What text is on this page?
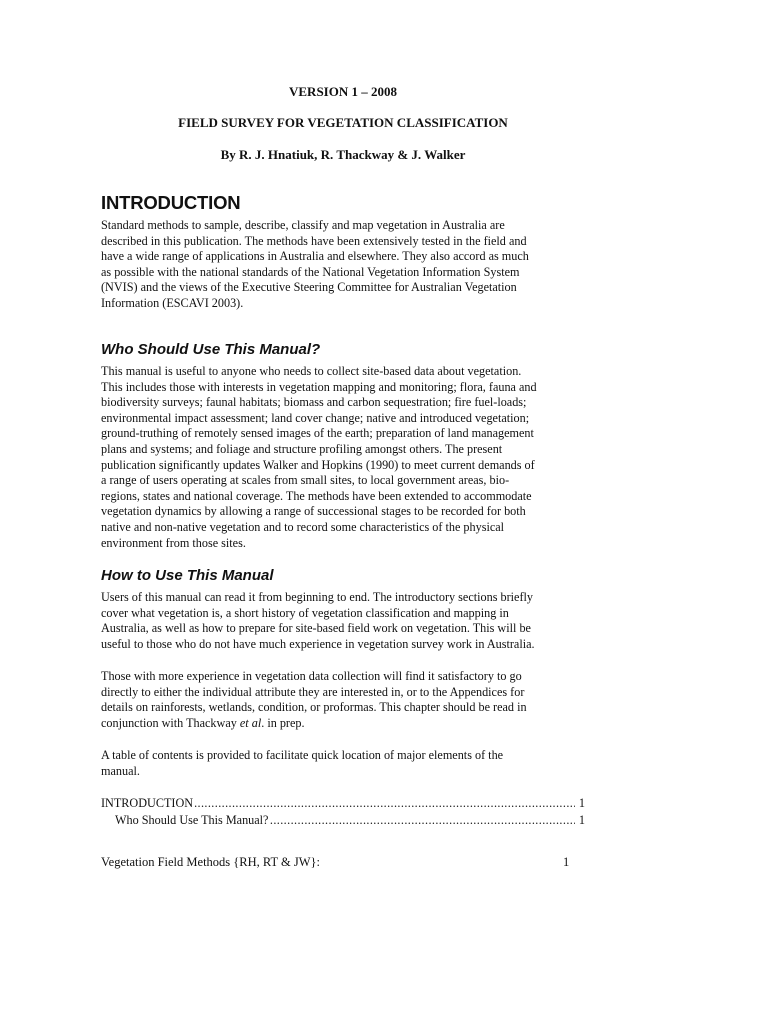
VERSION 1 – 2008
FIELD SURVEY FOR VEGETATION CLASSIFICATION
By R. J. Hnatiuk, R. Thackway & J. Walker
INTRODUCTION
Standard methods to sample, describe, classify and map vegetation in Australia are
described in this publication. The methods have been extensively tested in the field and
have a wide range of applications in Australia and elsewhere. They also accord as much
as possible with the national standards of the National Vegetation Information System
(NVIS) and the views of the Executive Steering Committee for Australian Vegetation
Information (ESCAVI 2003).
Who Should Use This Manual?
This manual is useful to anyone who needs to collect site-based data about vegetation.
This includes those with interests in vegetation mapping and monitoring; flora, fauna and
biodiversity surveys; faunal habitats; biomass and carbon sequestration; fire fuel-loads;
environmental impact assessment; land cover change; native and introduced vegetation;
ground-truthing of remotely sensed images of the earth; preparation of land management
plans and systems; and foliage and structure profiling amongst others. The present
publication significantly updates Walker and Hopkins (1990) to meet current demands of
a range of users operating at scales from small sites, to local government areas, bio-
regions, states and national coverage. The methods have been extended to accommodate
vegetation dynamics by allowing a range of successional stages to be recorded for both
native and non-native vegetation and to record some characteristics of the physical
environment from those sites.
How to Use This Manual
Users of this manual can read it from beginning to end. The introductory sections briefly
cover what vegetation is, a short history of vegetation classification and mapping in
Australia, as well as how to prepare for site-based field work on vegetation. This will be
useful to those who do not have much experience in vegetation survey work in Australia.
Those with more experience in vegetation data collection will find it satisfactory to go
directly to either the individual attribute they are interested in, or to the Appendices for
details on rainforests, wetlands, condition, or proformas. This chapter should be read in
conjunction with Thackway et al. in prep.
A table of contents is provided to facilitate quick location of major elements of the
manual.
.....
INTRODUCTION	1
.....
Who Should Use This Manual?	1
Vegetation Field Methods {RH, RT & JW}:	1
